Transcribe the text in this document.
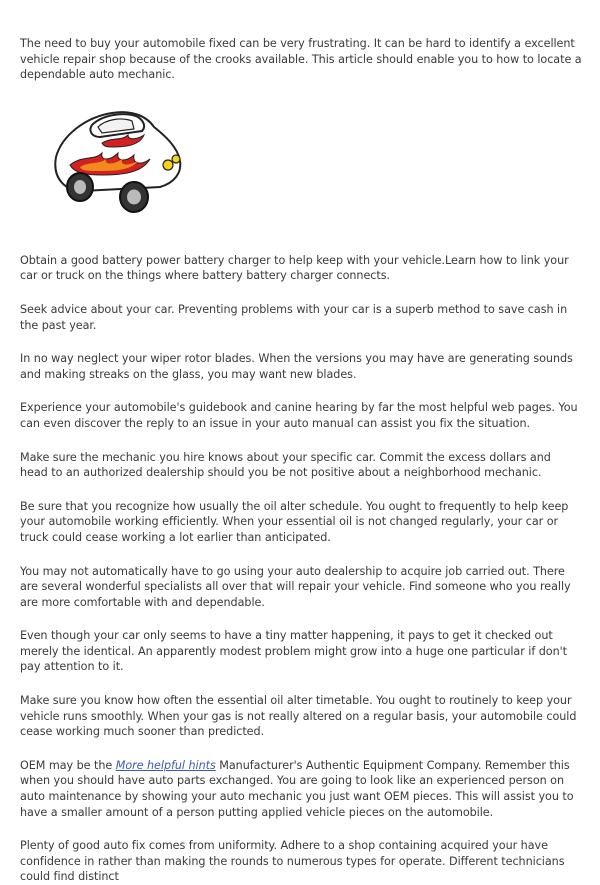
The need to buy your automobile fixed can be very frustrating. It can be hard to identify a excellent vehicle repair shop because of the crooks available. This article should enable you to how to locate a dependable auto mechanic.

Obtain a good battery power battery charger to help keep with your vehicle.Learn how to link your car or truck on the things where battery battery charger connects.

Seek advice about your car. Preventing problems with your car is a superb method to save cash in the past year.

In no way neglect your wiper rotor blades. When the versions you may have are generating sounds and making streaks on the glass, you may want new blades.

Experience your automobile's guidebook and canine hearing by far the most helpful web pages. You can even discover the reply to an issue in your auto manual can assist you fix the situation.

Make sure the mechanic you hire knows about your specific car. Commit the excess dollars and head to an authorized dealership should you be not positive about a neighborhood mechanic.

Be sure that you recognize how usually the oil alter schedule. You ought to frequently to help keep your automobile working efficiently. When your essential oil is not changed regularly, your car or truck could cease working a lot earlier than anticipated.

You may not automatically have to go using your auto dealership to acquire job carried out. There are several wonderful specialists all over that will repair your vehicle. Find someone who you really are more comfortable with and dependable.

Even though your car only seems to have a tiny matter happening, it pays to get it checked out merely the identical. An apparently modest problem might grow into a huge one particular if don't pay attention to it.

Make sure you know how often the essential oil alter timetable. You ought to routinely to keep your vehicle runs smoothly. When your gas is not really altered on a regular basis, your automobile could cease working much sooner than predicted.

OEM may be the More helpful hints Manufacturer's Authentic Equipment Company. Remember this when you should have auto parts exchanged. You are going to look like an experienced person on auto maintenance by showing your auto mechanic you just want OEM pieces. This will assist you to have a smaller amount of a person putting applied vehicle pieces on the automobile.

Plenty of good auto fix comes from uniformity. Adhere to a shop containing acquired your have confidence in rather than making the rounds to numerous types for operate. Different technicians could find distinct
